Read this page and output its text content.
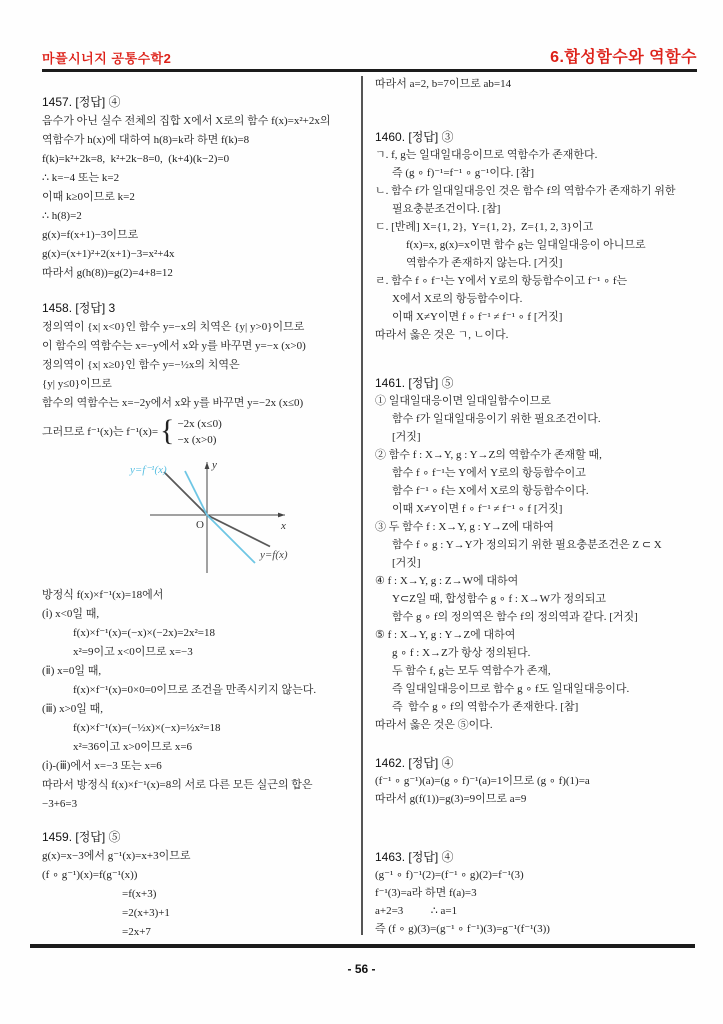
마플시너지 공통수학2	6.합성함수와 역함수
1457. [정답] ④
음수가 아닌 실수 전체의 집합 X에서 X로의 함수 f(x)=x²+2x의
역함수가 h(x)에 대하여 h(8)=k라 하면 f(k)=8
f(k)=k²+2k=8,  k²+2k−8=0,  (k+4)(k−2)=0
∴ k=−4 또는 k=2
이때 k≥0이므로 k=2
∴ h(8)=2
g(x)=f(x+1)−3이므로
g(x)=(x+1)²+2(x+1)−3=x²+4x
따라서 g(h(8))=g(2)=4+8=12
1458. [정답] 3
정의역이 {x| x<0}인 함수 y=−x의 치역은 {y| y>0}이므로
이 함수의 역함수는 x=−y에서 x와 y를 바꾸면 y=−x (x>0)
정의역이 {x| x≥0}인 함수 y=−½x의 치역은
{y| y≤0}이므로
함수의 역함수는 x=−2y에서 x와 y를 바꾸면 y=−2x (x≤0)
그러므로 f⁻¹(x)는 f⁻¹(x)= { −2x (x≤0)
−x (x>0)
y=f⁻¹(x)
y=f(x)
y
x
O
방정식 f(x)×f⁻¹(x)=18에서
(ⅰ) x<0일 때,
f(x)×f⁻¹(x)=(−x)×(−2x)=2x²=18
x²=9이고 x<0이므로 x=−3
(ⅱ) x=0일 때,
f(x)×f⁻¹(x)=0×0=0이므로 조건을 만족시키지 않는다.
(ⅲ) x>0일 때,
f(x)×f⁻¹(x)=(−½x)×(−x)=½x²=18
x²=36이고 x>0이므로 x=6
(ⅰ)-(ⅲ)에서 x=−3 또는 x=6
따라서 방정식 f(x)×f⁻¹(x)=8의 서로 다른 모든 실근의 합은
−3+6=3
1459. [정답] ⑤
g(x)=x−3에서 g⁻¹(x)=x+3이므로
(f ∘ g⁻¹)(x)=f(g⁻¹(x))
=f(x+3)
=2(x+3)+1
=2x+7
따라서 a=2, b=7이므로 ab=14
1460. [정답] ③
ㄱ. f, g는 일대일대응이므로 역함수가 존재한다.
즉 (g ∘ f)⁻¹=f⁻¹ ∘ g⁻¹이다. [참]
ㄴ. 함수 f가 일대일대응인 것은 함수 f의 역함수가 존재하기 위한
필요충분조건이다. [참]
ㄷ. [반례] X={1, 2},  Y={1, 2},  Z={1, 2, 3}이고
f(x)=x, g(x)=x이면 함수 g는 일대일대응이 아니므로
역함수가 존재하지 않는다. [거짓]
ㄹ. 함수 f ∘ f⁻¹는 Y에서 Y로의 항등함수이고 f⁻¹ ∘ f는
X에서 X로의 항등함수이다.
이때 X≠Y이면 f ∘ f⁻¹ ≠ f⁻¹ ∘ f [거짓]
따라서 옳은 것은 ㄱ, ㄴ이다.
1461. [정답] ⑤
① 일대일대응이면 일대일함수이므로
함수 f가 일대일대응이기 위한 필요조건이다.
[거짓]
② 함수 f : X→Y, g : Y→Z의 역함수가 존재할 때,
함수 f ∘ f⁻¹는 Y에서 Y로의 항등함수이고
함수 f⁻¹ ∘ f는 X에서 X로의 항등함수이다.
이때 X≠Y이면 f ∘ f⁻¹ ≠ f⁻¹ ∘ f [거짓]
③ 두 함수 f : X→Y, g : Y→Z에 대하여
함수 f ∘ g : Y→Y가 정의되기 위한 필요충분조건은 Z ⊂ X
[거짓]
④ f : X→Y, g : Z→W에 대하여
Y⊂Z일 때, 합성함수 g ∘ f : X→W가 정의되고
함수 g ∘ f의 정의역은 함수 f의 정의역과 같다. [거짓]
⑤ f : X→Y, g : Y→Z에 대하여
g ∘ f : X→Z가 항상 정의된다.
두 함수 f, g는 모두 역함수가 존재,
즉 일대일대응이므로 함수 g ∘ f도 일대일대응이다.
즉  함수 g ∘ f의 역함수가 존재한다. [참]
따라서 옳은 것은 ⑤이다.
1462. [정답] ④
(f⁻¹ ∘ g⁻¹)(a)=(g ∘ f)⁻¹(a)=1이므로 (g ∘ f)(1)=a
따라서 g(f(1))=g(3)=9이므로 a=9
1463. [정답] ④
(g⁻¹ ∘ f)⁻¹(2)=(f⁻¹ ∘ g)(2)=f⁻¹(3)
f⁻¹(3)=a라 하면 f(a)=3
a+2=3          ∴ a=1
즉 (f ∘ g)(3)=(g⁻¹ ∘ f⁻¹)(3)=g⁻¹(f⁻¹(3))
- 56 -
